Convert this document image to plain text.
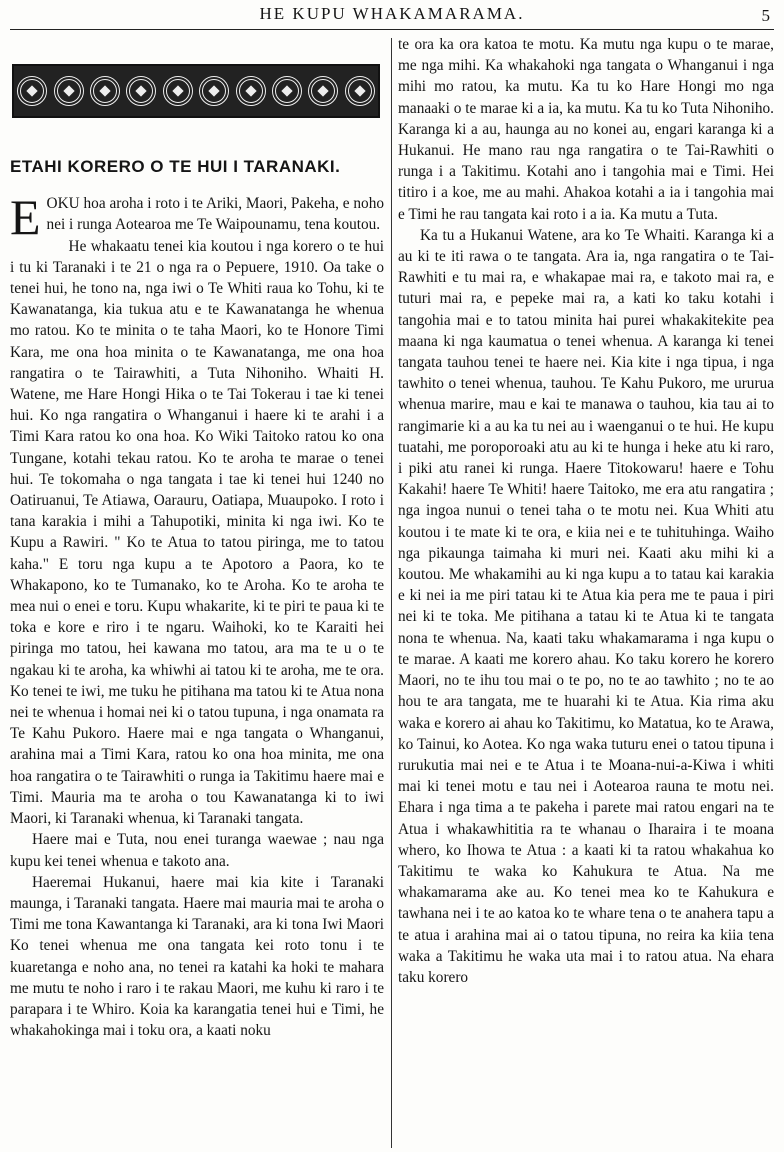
HE KUPU WHAKAMARAMA.	5
ETAHI KORERO O TE HUI I TARANAKI.

EOKU hoa aroha i roto i te Ariki, Maori, Pakeha, e noho nei i runga Aotearoa me Te Waipounamu, tena koutou.

He whakaatu tenei kia koutou i nga korero o te hui i tu ki Taranaki i te 21 o nga ra o Pepuere, 1910. Oa take o tenei hui, he tono na, nga iwi o Te Whiti raua ko Tohu, ki te Kawanatanga, kia tukua atu e te Kawanatanga he whenua mo ratou. Ko te minita o te taha Maori, ko te Honore Timi Kara, me ona hoa minita o te Kawanatanga, me ona hoa rangatira o te Tairawhiti, a Tuta Nihoniho. Whaiti H. Watene, me Hare Hongi Hika o te Tai Tokerau i tae ki tenei hui. Ko nga rangatira o Whanganui i haere ki te arahi i a Timi Kara ratou ko ona hoa. Ko Wiki Taitoko ratou ko ona Tungane, kotahi tekau ratou. Ko te aroha te marae o tenei hui. Te tokomaha o nga tangata i tae ki tenei hui 1240 no Oatiruanui, Te Atiawa, Oarauru, Oatiapa, Muaupoko. I roto i tana karakia i mihi a Tahupotiki, minita ki nga iwi. Ko te Kupu a Rawiri. " Ko te Atua to tatou piringa, me to tatou kaha." E toru nga kupu a te Apotoro a Paora, ko te Whakapono, ko te Tumanako, ko te Aroha. Ko te aroha te mea nui o enei e toru. Kupu whakarite, ki te piri te paua ki te toka e kore e riro i te ngaru. Waihoki, ko te Karaiti hei piringa mo tatou, hei kawana mo tatou, ara ma te u o te ngakau ki te aroha, ka whiwhi ai tatou ki te aroha, me te ora. Ko tenei te iwi, me tuku he pitihana ma tatou ki te Atua nona nei te whenua i homai nei ki o tatou tupuna, i nga onamata ra Te Kahu Pukoro. Haere mai e nga tangata o Whanganui, arahina mai a Timi Kara, ratou ko ona hoa minita, me ona hoa rangatira o te Tairawhiti o runga ia Takitimu haere mai e Timi. Mauria ma te aroha o tou Kawanatanga ki to iwi Maori, ki Taranaki whenua, ki Taranaki tangata.

Haere mai e Tuta, nou enei turanga waewae ; nau nga kupu kei tenei whenua e takoto ana.

Haeremai Hukanui, haere mai kia kite i Taranaki maunga, i Taranaki tangata. Haere mai mauria mai te aroha o Timi me tona Kawantanga ki Taranaki, ara ki tona Iwi Maori Ko tenei whenua me ona tangata kei roto tonu i te kuaretanga e noho ana, no tenei ra katahi ka hoki te mahara me mutu te noho i raro i te rakau Maori, me kuhu ki raro i te parapara i te Whiro. Koia ka karangatia tenei hui e Timi, he whakahokinga mai i toku ora, a kaati noku

te ora ka ora katoa te motu. Ka mutu nga kupu o te marae, me nga mihi. Ka whakahoki nga tangata o Whanganui i nga mihi mo ratou, ka mutu. Ka tu ko Hare Hongi mo nga manaaki o te marae ki a ia, ka mutu. Ka tu ko Tuta Nihoniho. Karanga ki a au, haunga au no konei au, engari karanga ki a Hukanui. He mano rau nga rangatira o te Tai-Rawhiti o runga i a Takitimu. Kotahi ano i tangohia mai e Timi. Hei titiro i a koe, me au mahi. Ahakoa kotahi a ia i tangohia mai e Timi he rau tangata kai roto i a ia. Ka mutu a Tuta.

Ka tu a Hukanui Watene, ara ko Te Whaiti. Karanga ki a au ki te iti rawa o te tangata. Ara ia, nga rangatira o te Tai-Rawhiti e tu mai ra, e whakapae mai ra, e takoto mai ra, e tuturi mai ra, e pepeke mai ra, a kati ko taku kotahi i tangohia mai e to tatou minita hai purei whakakitekite pea maana ki nga kaumatua o tenei whenua. A karanga ki tenei tangata tauhou tenei te haere nei. Kia kite i nga tipua, i nga tawhito o tenei whenua, tauhou. Te Kahu Pukoro, me ururua whenua marire, mau e kai te manawa o tauhou, kia tau ai to rangimarie ki a au ka tu nei au i waenganui o te hui. He kupu tuatahi, me poroporoaki atu au ki te hunga i heke atu ki raro, i piki atu ranei ki runga. Haere Titokowaru! haere e Tohu Kakahi! haere Te Whiti! haere Taitoko, me era atu rangatira ; nga ingoa nunui o tenei taha o te motu nei. Kua Whiti atu koutou i te mate ki te ora, e kiia nei e te tuhituhinga. Waiho nga pikaunga taimaha ki muri nei. Kaati aku mihi ki a koutou. Me whakamihi au ki nga kupu a to tatau kai karakia e ki nei ia me piri tatau ki te Atua kia pera me te paua i piri nei ki te toka. Me pitihana a tatau ki te Atua ki te tangata nona te whenua. Na, kaati taku whakamarama i nga kupu o te marae. A kaati me korero ahau. Ko taku korero he korero Maori, no te ihu tou mai o te po, no te ao tawhito ; no te ao hou te ara tangata, me te huarahi ki te Atua. Kia rima aku waka e korero ai ahau ko Takitimu, ko Matatua, ko te Arawa, ko Tainui, ko Aotea. Ko nga waka tuturu enei o tatou tipuna i rurukutia mai nei e te Atua i te Moana-nui-a-Kiwa i whiti mai ki tenei motu e tau nei i Aotearoa rauna te motu nei. Ehara i nga tima a te pakeha i parete mai ratou engari na te Atua i whakawhititia ra te whanau o Iharaira i te moana whero, ko Ihowa te Atua : a kaati ki ta ratou whakahua ko Takitimu te waka ko Kahukura te Atua. Na me whakamarama ake au. Ko tenei mea ko te Kahukura e tawhana nei i te ao katoa ko te whare tena o te anahera tapu a te atua i arahina mai ai o tatou tipuna, no reira ka kiia tena waka a Takitimu he waka uta mai i to ratou atua. Na ehara taku korero
